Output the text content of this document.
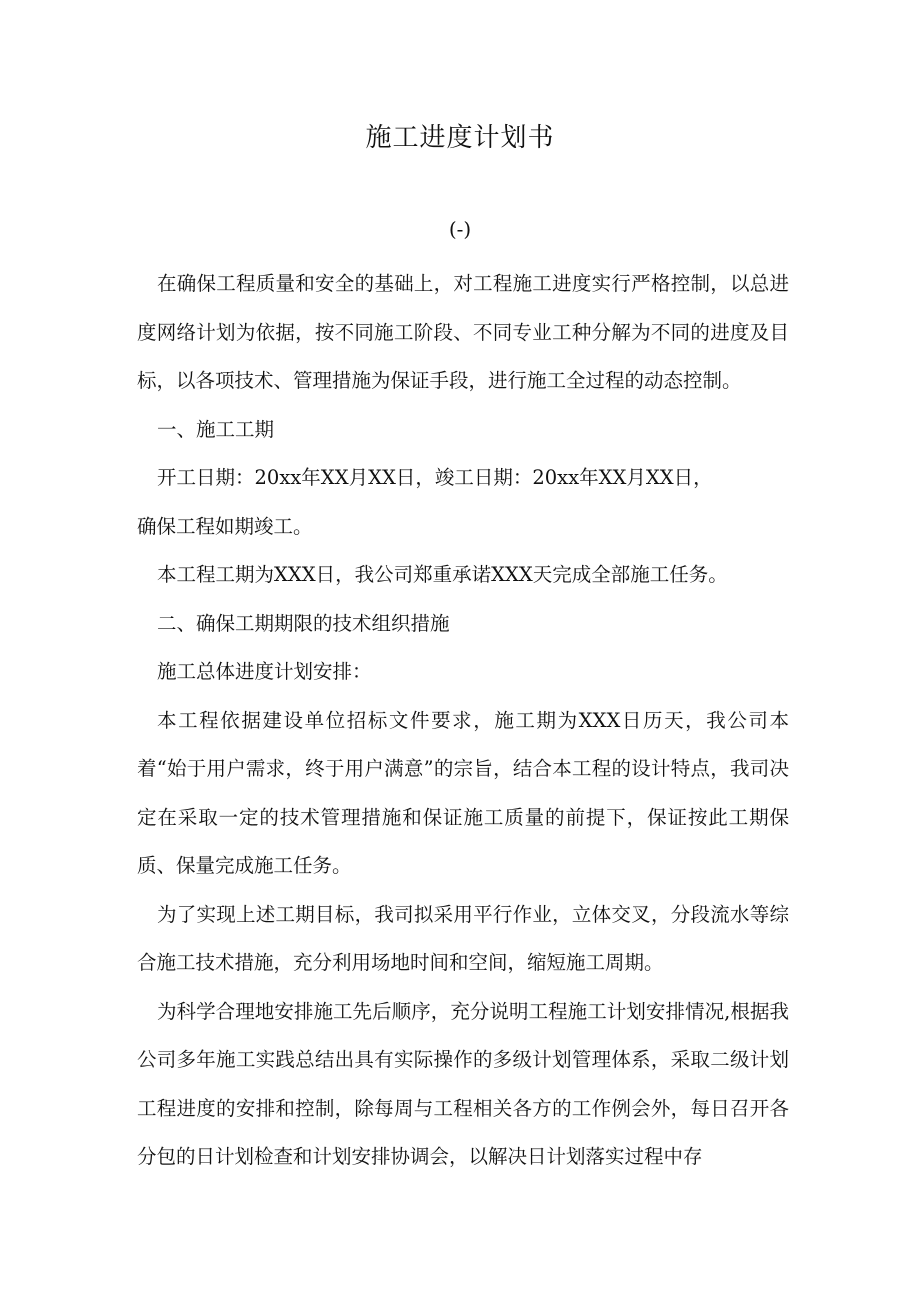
施工进度计划书
(-)

在确保工程质量和安全的基础上，对工程施工进度实行严格控制，以总进度网络计划为依据，按不同施工阶段、不同专业工种分解为不同的进度及目标，以各项技术、管理措施为保证手段，进行施工全过程的动态控制。

一、施工工期

开工日期：20xx年XX月XX日，竣工日期：20xx年XX月XX日，

确保工程如期竣工。

本工程工期为XXX日，我公司郑重承诺XXX天完成全部施工任务。

二、确保工期期限的技术组织措施

施工总体进度计划安排：

本工程依据建设单位招标文件要求，施工期为XXX日历天，我公司本着“始于用户需求，终于用户满意”的宗旨，结合本工程的设计特点，我司决定在采取一定的技术管理措施和保证施工质量的前提下，保证按此工期保质、保量完成施工任务。

为了实现上述工期目标，我司拟采用平行作业，立体交叉，分段流水等综合施工技术措施，充分利用场地时间和空间，缩短施工周期。

为科学合理地安排施工先后顺序，充分说明工程施工计划安排情况,根据我公司多年施工实践总结出具有实际操作的多级计划管理体系，采取二级计划工程进度的安排和控制，除每周与工程相关各方的工作例会外，每日召开各分包的日计划检查和计划安排协调会，以解决日计划落实过程中存
